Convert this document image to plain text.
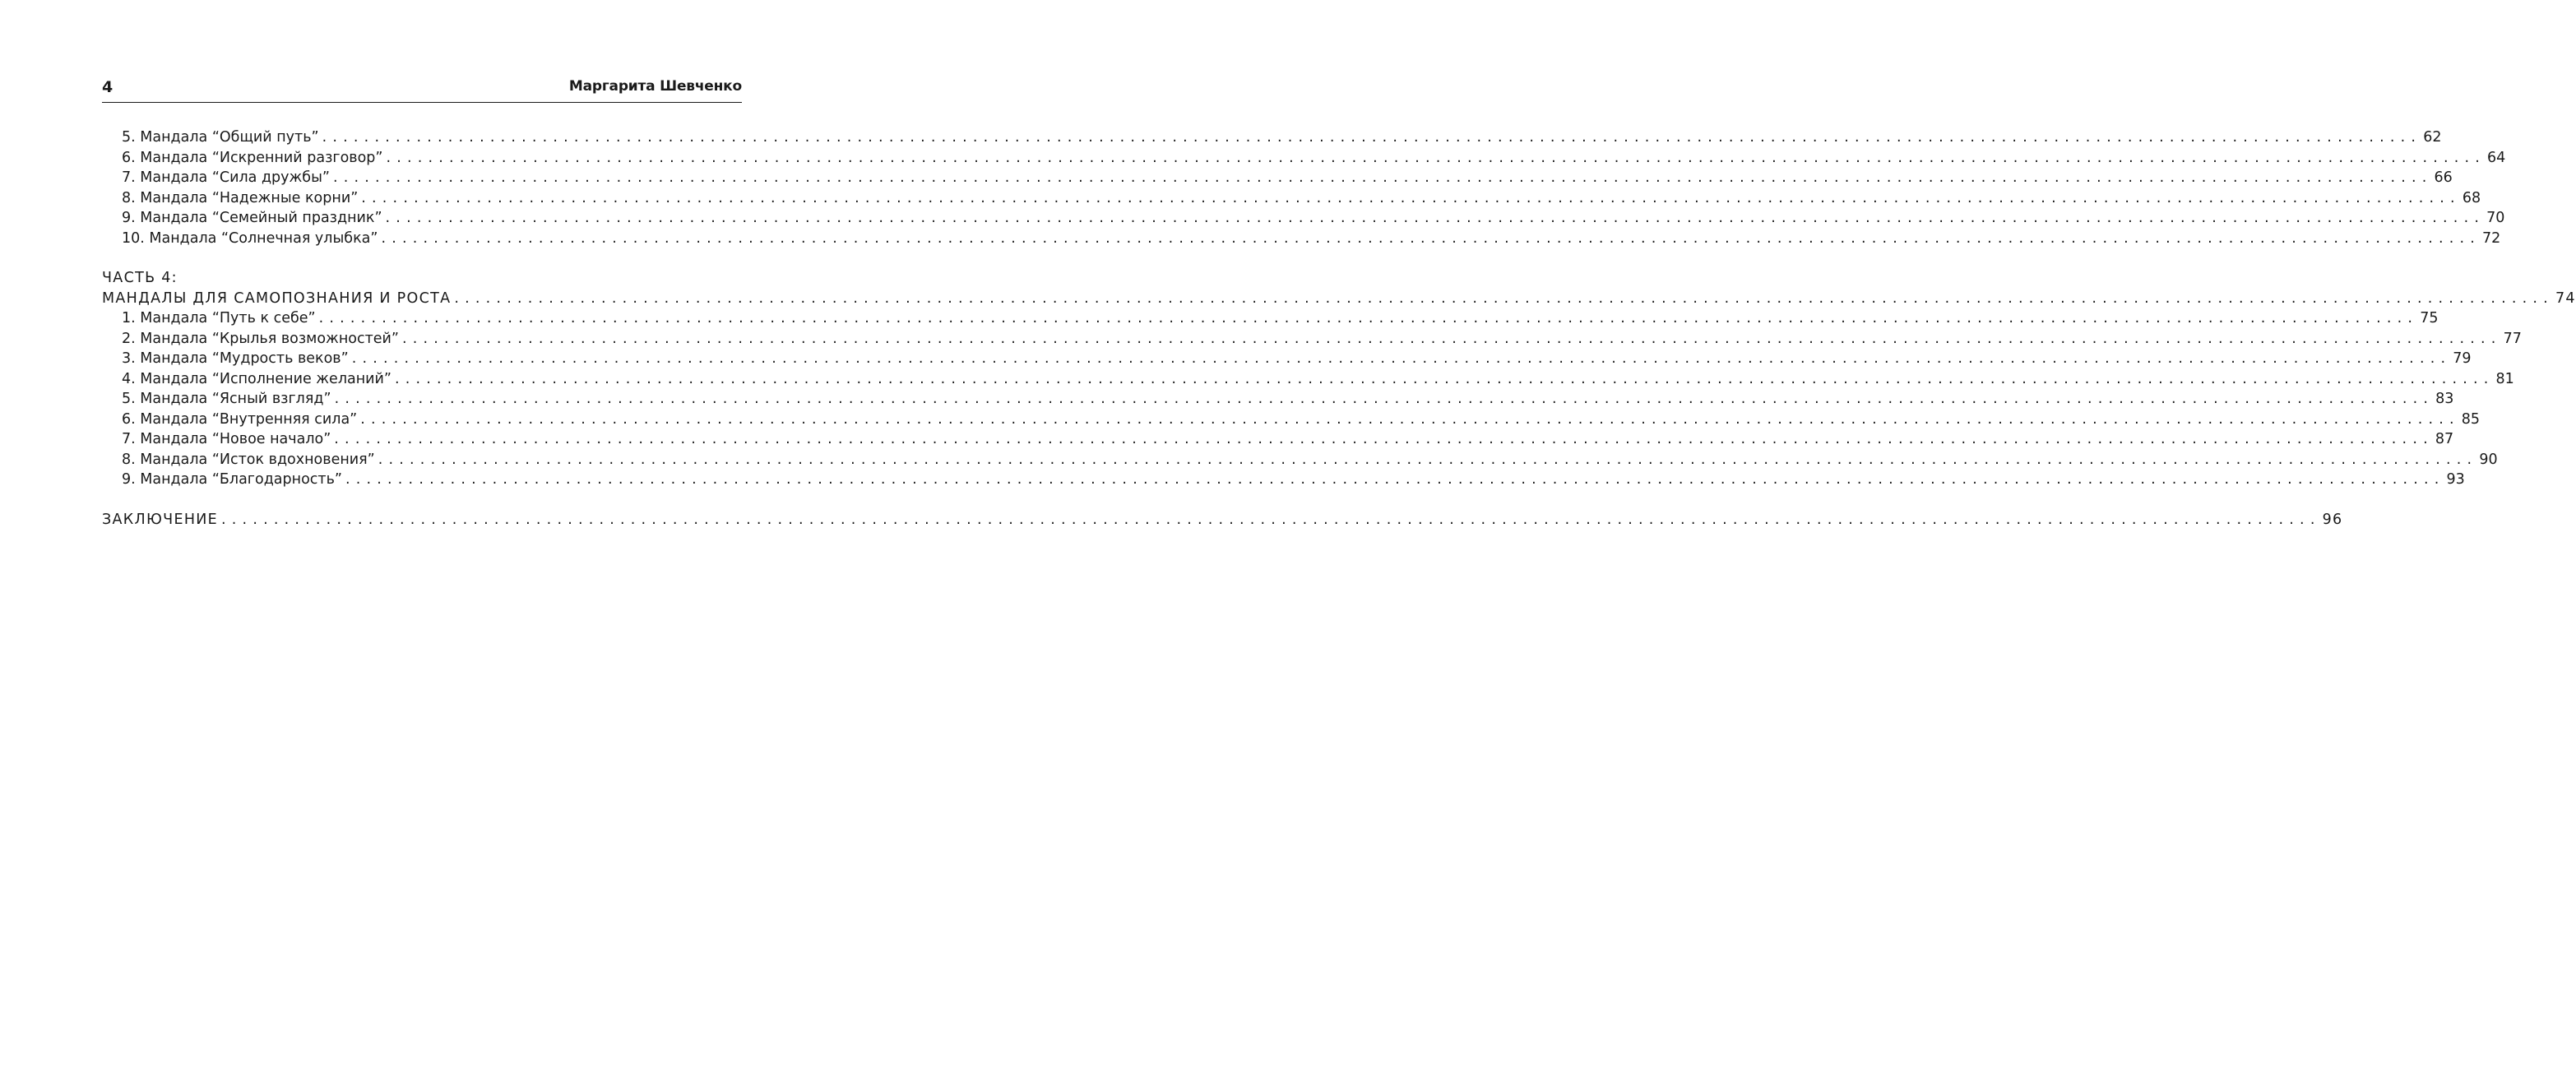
4	Маргарита Шевченко
5. Мандала “Общий путь” ........................................................................................................................................................................................................ 62
6. Мандала “Искренний разговор” ........................................................................................................................................................................................................ 64
7. Мандала “Сила дружбы” ........................................................................................................................................................................................................ 66
8. Мандала “Надежные корни” ........................................................................................................................................................................................................ 68
9. Мандала “Семейный праздник” ........................................................................................................................................................................................................ 70
10. Мандала “Солнечная улыбка” ........................................................................................................................................................................................................ 72
ЧАСТЬ 4:
МАНДАЛЫ ДЛЯ САМОПОЗНАНИЯ И РОСТА ........................................................................................................................................................................................................ 74
1. Мандала “Путь к себе” ........................................................................................................................................................................................................ 75
2. Мандала “Крылья возможностей” ........................................................................................................................................................................................................ 77
3. Мандала “Мудрость веков” ........................................................................................................................................................................................................ 79
4. Мандала “Исполнение желаний” ........................................................................................................................................................................................................ 81
5. Мандала “Ясный взгляд” ........................................................................................................................................................................................................ 83
6. Мандала “Внутренняя сила” ........................................................................................................................................................................................................ 85
7. Мандала “Новое начало” ........................................................................................................................................................................................................ 87
8. Мандала “Исток вдохновения” ........................................................................................................................................................................................................ 90
9. Мандала “Благодарность” ........................................................................................................................................................................................................ 93
ЗАКЛЮЧЕНИЕ ........................................................................................................................................................................................................ 96
